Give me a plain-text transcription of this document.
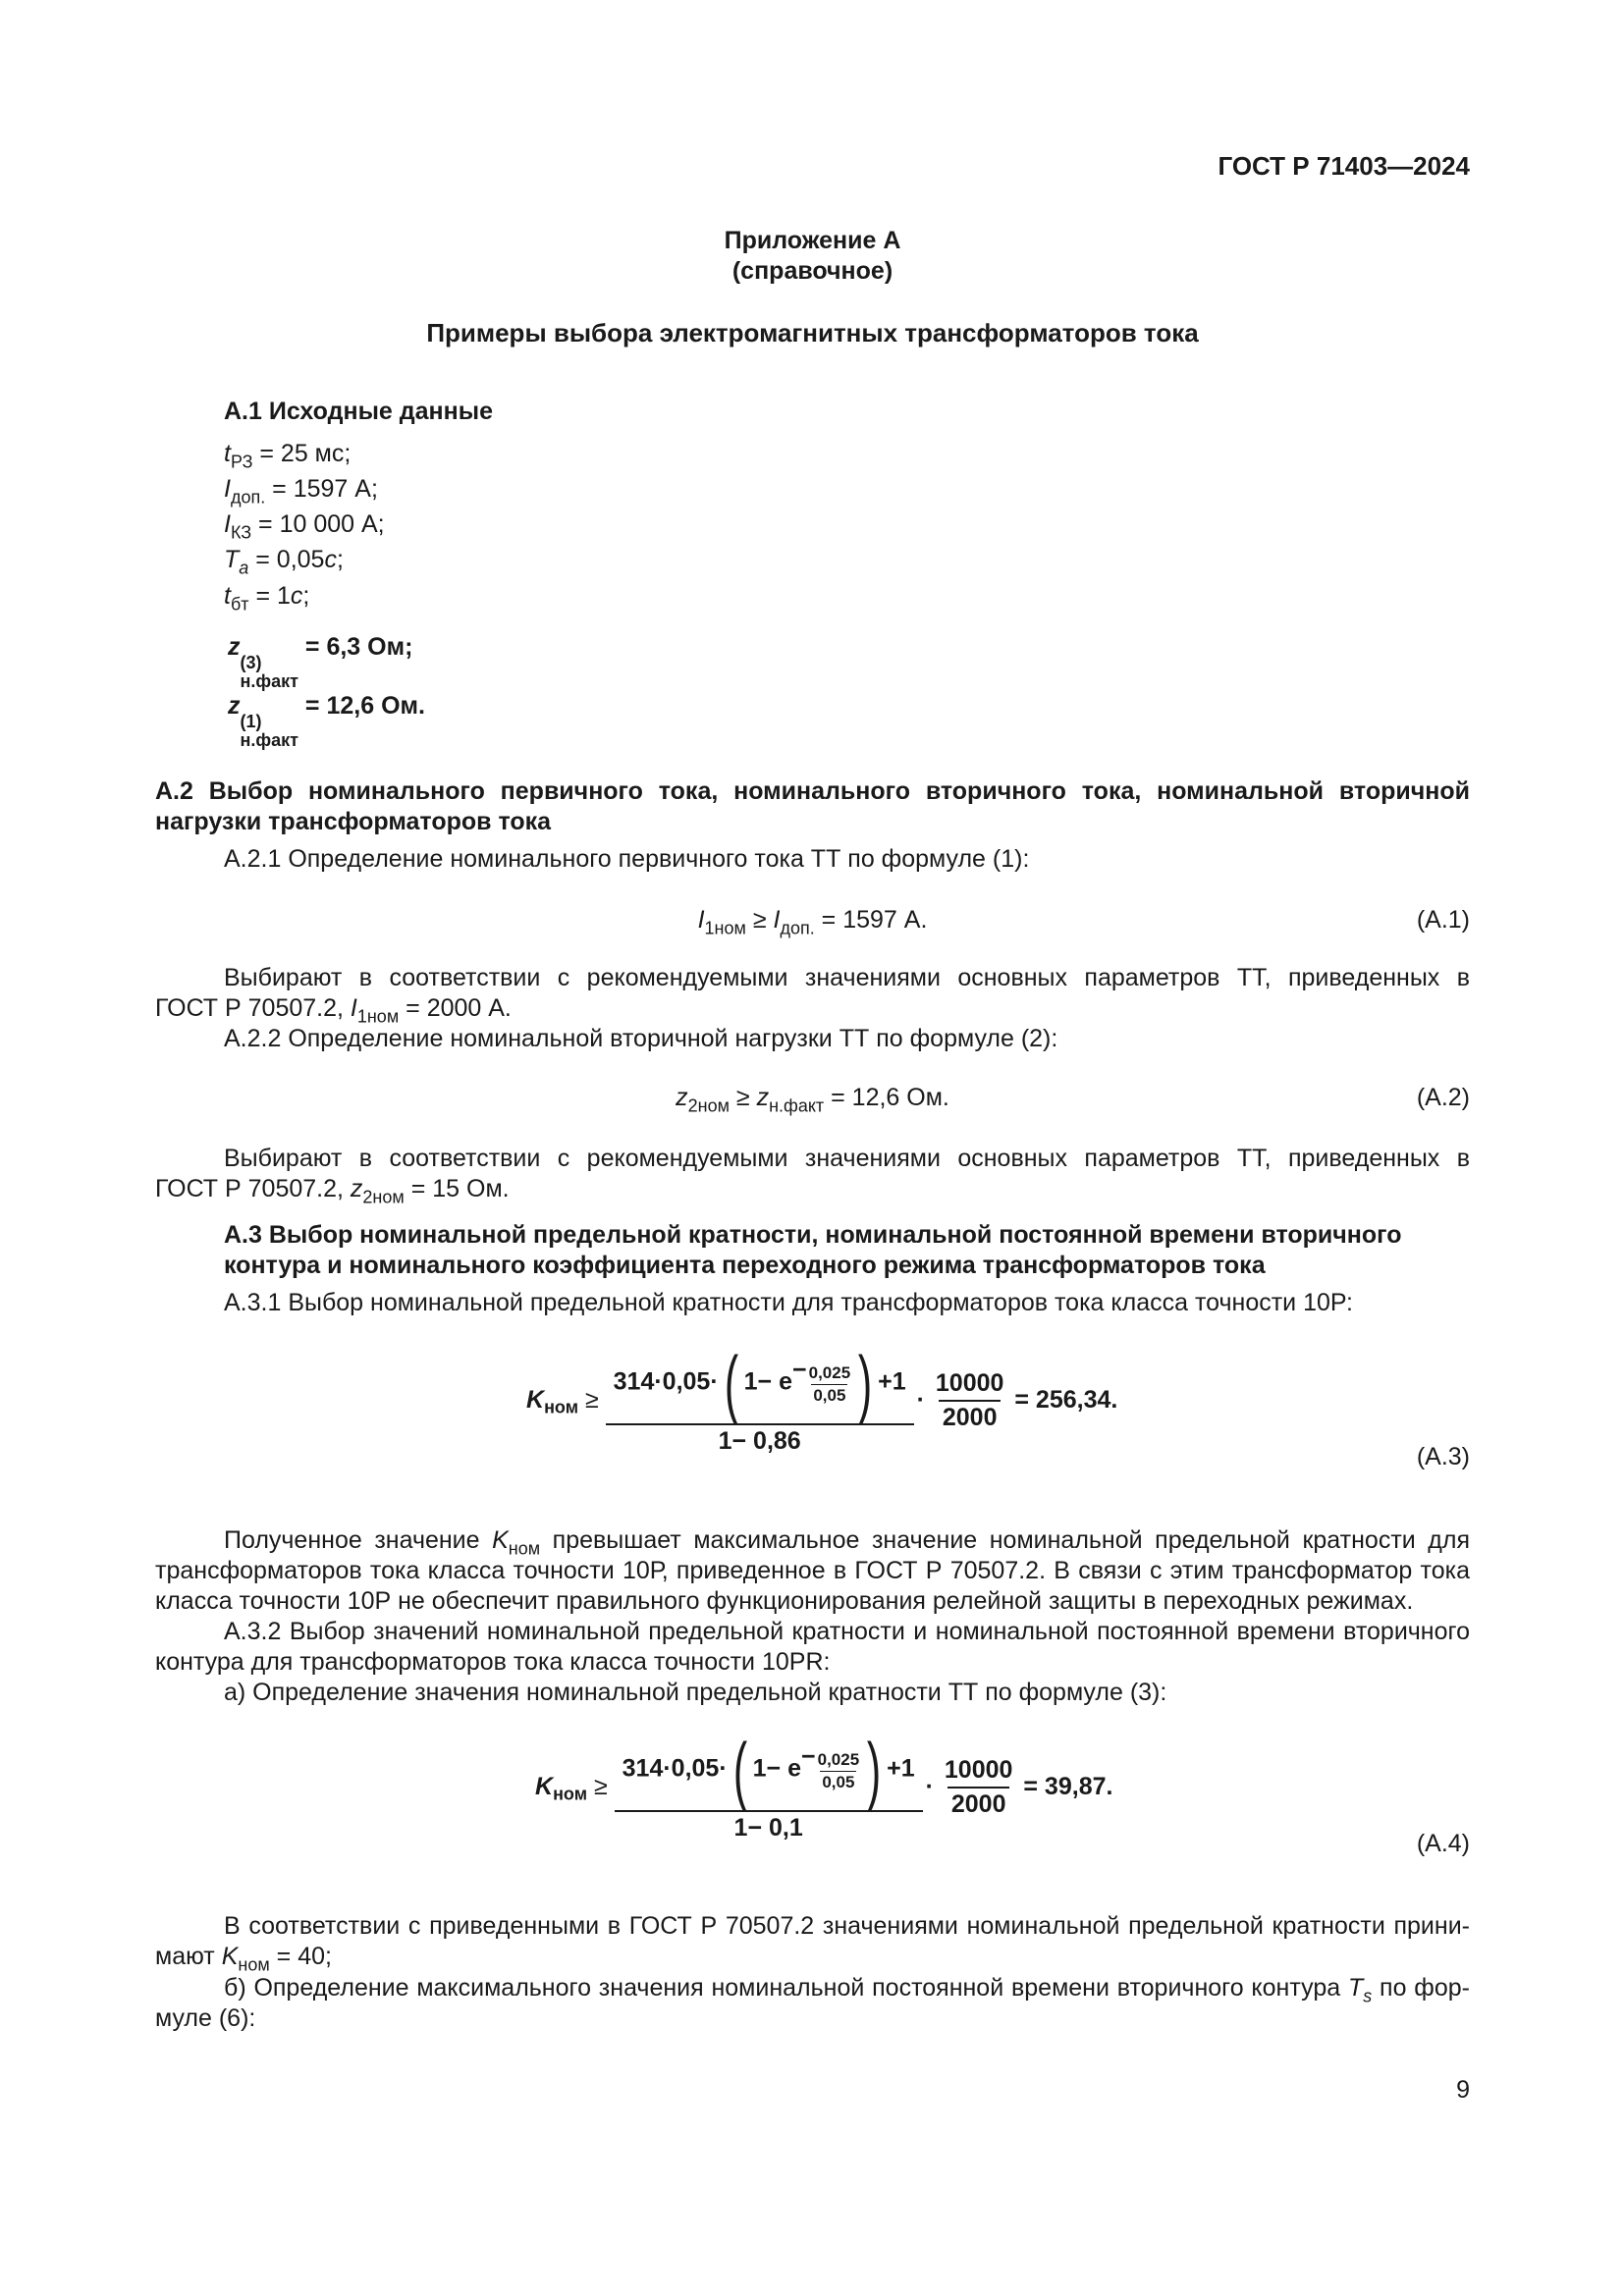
ГОСТ Р 71403—2024
Приложение А
(справочное)
Примеры выбора электромагнитных трансформаторов тока
А.1 Исходные данные
$t_{РЗ} = 25$ мс;
$I_{доп.} = 1597$ А;
$I_{КЗ} = 10$ 000 А;
$T_a = 0,05с$;
$t_{бт} = 1с$;
z
(3)
н.факт
= 6,3 Ом;
z
(1)
н.факт
= 12,6 Ом.
А.2 Выбор номинального первичного тока, номинального вторичного тока, номинальной вторичной
нагрузки трансформаторов тока
А.2.1 Определение номинального первичного тока ТТ по формуле (1):
$I_{1ном} \ge I_{доп.} = 1597$ А.	(А.1)
Выбирают в соответствии с рекомендуемыми значениями основных параметров ТТ, приведенных в
ГОСТ Р 70507.2, $I_{1ном} = 2000$ А.
А.2.2 Определение номинальной вторичной нагрузки ТТ по формуле (2):
$z_{2ном} \ge z_{н.факт} = 12,6$ Ом.	(А.2)
Выбирают в соответствии с рекомендуемыми значениями основных параметров ТТ, приведенных в
ГОСТ Р 70507.2, $z_{2ном} = 15$ Ом.
А.3 Выбор номинальной предельной кратности, номинальной постоянной времени вторичного
контура и номинального коэффициента переходного режима трансформаторов тока
А.3.1 Выбор номинальной предельной кратности для трансформаторов тока класса точности 10Р:
$K_{ном} \ge \frac{314\cdot 0,05\cdot( 1- e- \frac{0,025}{0,05} ) +1}{1- 0,86} \cdot \frac{10000}{2000} = 256,34$.
(А.3)
Полученное значение $K_{ном}$ превышает максимальное значение номинальной предельной кратности для
трансформаторов тока класса точности 10Р, приведенное в ГОСТ Р 70507.2. В связи с этим трансформатор тока
класса точности 10Р не обеспечит правильного функционирования релейной защиты в переходных режимах.
А.3.2 Выбор значений номинальной предельной кратности и номинальной постоянной времени вторичного
контура для трансформаторов тока класса точности 10PR:
а) Определение значения номинальной предельной кратности ТТ по формуле (3):
$K_{ном} \ge \frac{314\cdot 0,05\cdot( 1- e- \frac{0,025}{0,05} ) +1}{1- 0,1} \cdot \frac{10000}{2000} = 39,87$.
(А.4)
В соответствии с приведенными в ГОСТ Р 70507.2 значениями номинальной предельной кратности прини-
мают $K_{ном} = 40$;
б) Определение максимального значения номинальной постоянной времени вторичного контура $T_s$ по фор-
муле (6):
9
